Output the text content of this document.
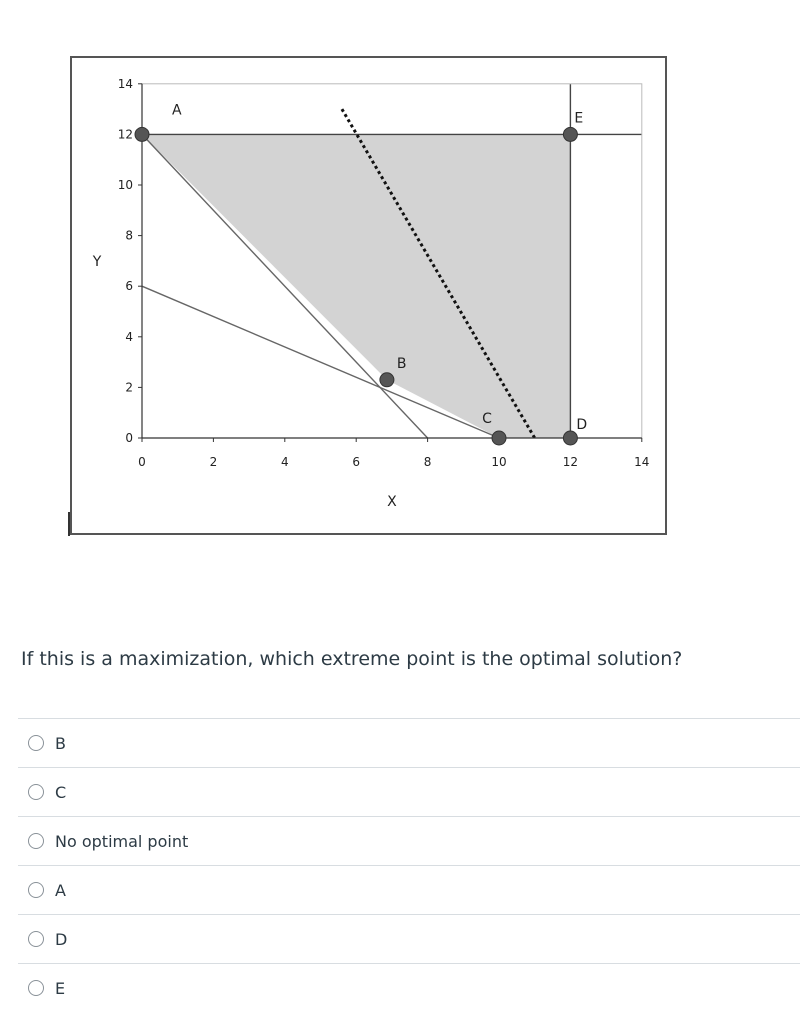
0	2	4	6	8	10	12	14
0
2
4
6
8
10
12
14
X
Y
A
B
C	D
E
If this is a maximization, which extreme point is the optimal solution?
B
C
No optimal point
A
D
E
